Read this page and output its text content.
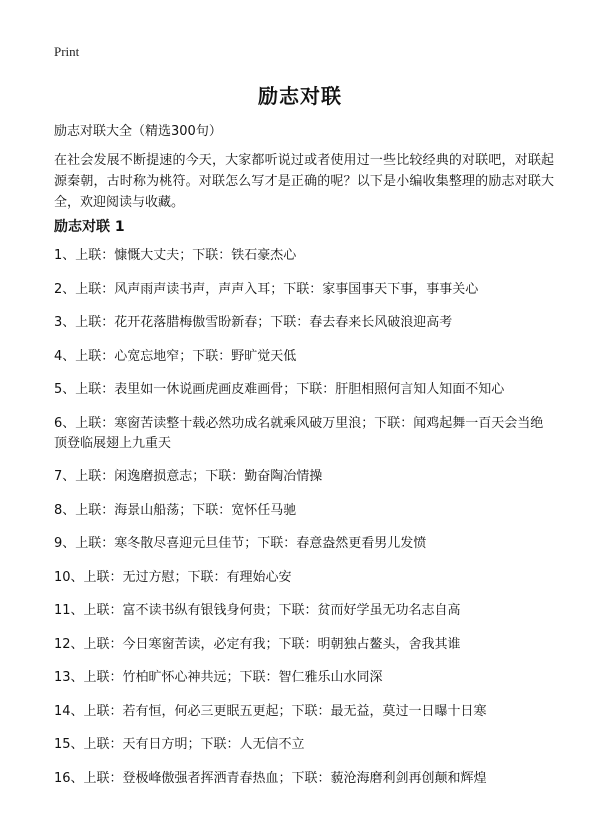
Print
励志对联
励志对联大全（精选300句）
在社会发展不断提速的今天，大家都听说过或者使用过一些比较经典的对联吧，对联起源秦朝，古时称为桃符。对联怎么写才是正确的呢？以下是小编收集整理的励志对联大全，欢迎阅读与收藏。
励志对联 1
1、上联：慷慨大丈夫；下联：铁石豪杰心
2、上联：风声雨声读书声，声声入耳；下联：家事国事天下事，事事关心
3、上联：花开花落腊梅傲雪盼新春；下联：春去春来长风破浪迎高考
4、上联：心宽忘地窄；下联：野旷觉天低
5、上联：表里如一休说画虎画皮难画骨；下联：肝胆相照何言知人知面不知心
6、上联：寒窗苦读整十载必然功成名就乘风破万里浪；下联：闻鸡起舞一百天会当绝顶登临展翅上九重天
7、上联：闲逸磨损意志；下联：勤奋陶冶情操
8、上联：海景山船荡；下联：宽怀任马驰
9、上联：寒冬散尽喜迎元旦佳节；下联：春意盎然更看男儿发愤
10、上联：无过方慰；下联：有理始心安
11、上联：富不读书纵有银钱身何贵；下联：贫而好学虽无功名志自高
12、上联：今日寒窗苦读，必定有我；下联：明朝独占鳌头，舍我其谁
13、上联：竹柏旷怀心神共远；下联：智仁雅乐山水同深
14、上联：若有恒，何必三更眠五更起；下联：最无益，莫过一日曝十日寒
15、上联：天有日方明；下联：人无信不立
16、上联：登极峰傲强者挥洒青春热血；下联：藐沧海磨利剑再创颠和辉煌
